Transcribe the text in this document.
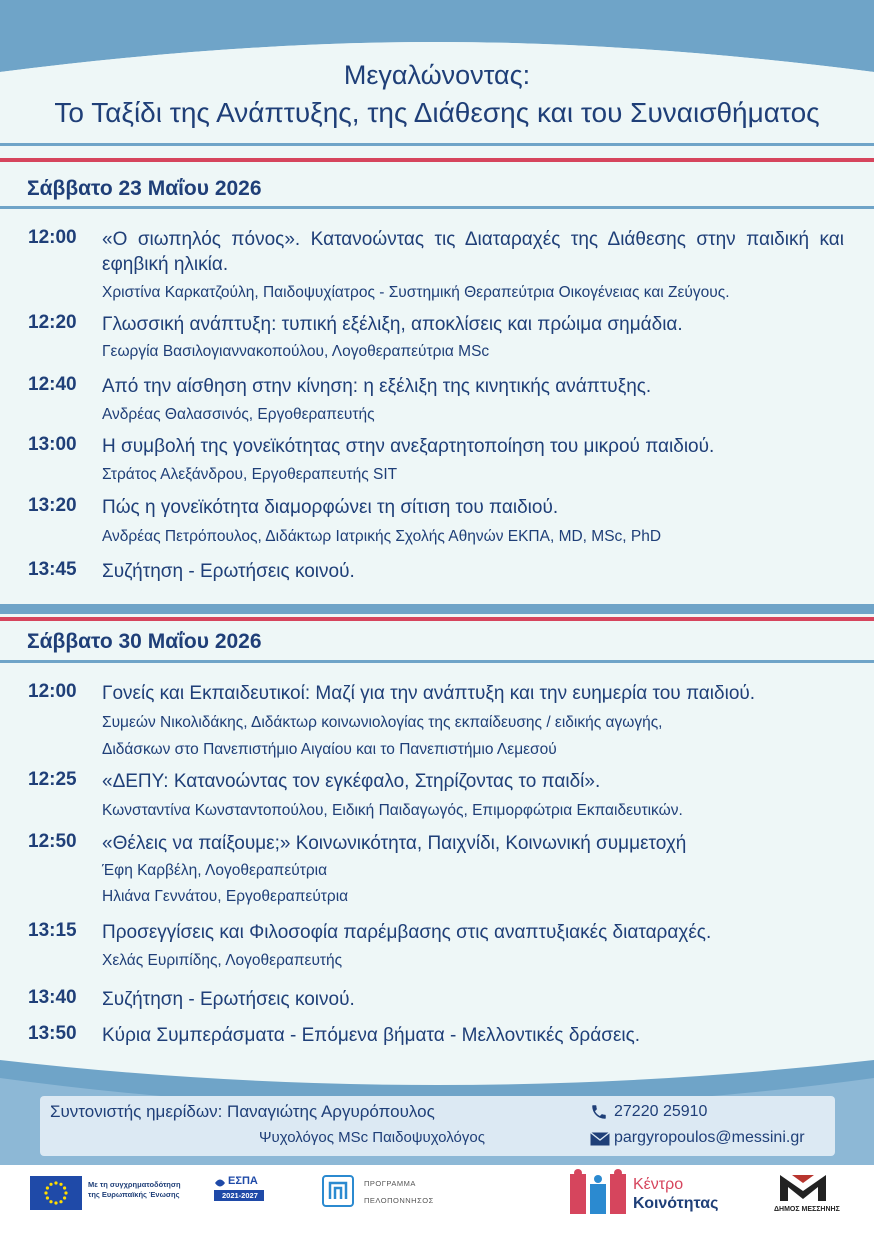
Μεγαλώνοντας:
Το Ταξίδι της Ανάπτυξης, της Διάθεσης και του Συναισθήματος
Σάββατο 23 Μαΐου 2026
12:00 «Ο σιωπηλός πόνος». Κατανοώντας τις Διαταραχές της Διάθεσης στην παιδική και εφηβική ηλικία.
Χριστίνα Καρκατζούλη, Παιδοψυχίατρος - Συστημική Θεραπεύτρια Οικογένειας και Ζεύγους.
12:20 Γλωσσική ανάπτυξη: τυπική εξέλιξη, αποκλίσεις και πρώιμα σημάδια.
Γεωργία Βασιλογιαννακοπούλου, Λογοθεραπεύτρια MSc
12:40 Από την αίσθηση στην κίνηση: η εξέλιξη της κινητικής ανάπτυξης.
Ανδρέας Θαλασσινός, Εργοθεραπευτής
13:00 Η συμβολή της γονεϊκότητας στην ανεξαρτητοποίηση του μικρού παιδιού.
Στράτος Αλεξάνδρου, Εργοθεραπευτής SIT
13:20 Πώς η γονεϊκότητα διαμορφώνει τη σίτιση του παιδιού.
Ανδρέας Πετρόπουλος, Διδάκτωρ Ιατρικής Σχολής Αθηνών ΕΚΠΑ, MD, MSc, PhD
13:45 Συζήτηση - Ερωτήσεις κοινού.
Σάββατο 30 Μαΐου 2026
12:00 Γονείς και Εκπαιδευτικοί: Μαζί για την ανάπτυξη και την ευημερία του παιδιού.
Συμεών Νικολιδάκης, Διδάκτωρ κοινωνιολογίας της εκπαίδευσης / ειδικής αγωγής,
Διδάσκων στο Πανεπιστήμιο Αιγαίου και το Πανεπιστήμιο Λεμεσού
12:25 «ΔΕΠΥ: Κατανοώντας τον εγκέφαλο, Στηρίζοντας το παιδί».
Κωνσταντίνα Κωνσταντοπούλου, Ειδική Παιδαγωγός, Επιμορφώτρια Εκπαιδευτικών.
12:50 «Θέλεις να παίξουμε;» Κοινωνικότητα, Παιχνίδι, Κοινωνική συμμετοχή
Έφη Καρβέλη, Λογοθεραπεύτρια
Ηλιάνα Γεννάτου, Εργοθεραπεύτρια
13:15 Προσεγγίσεις και Φιλοσοφία παρέμβασης στις αναπτυξιακές διαταραχές.
Χελάς Ευριπίδης, Λογοθεραπευτής
13:40 Συζήτηση - Ερωτήσεις κοινού.
13:50 Κύρια Συμπεράσματα - Επόμενα βήματα - Μελλοντικές δράσεις.
Συντονιστής ημερίδων: Παναγιώτης Αργυρόπουλος
Ψυχολόγος MSc Παιδοψυχολόγος
27220 25910
pargyropoulos@messini.gr
Με τη συγχρηματοδότηση
της Ευρωπαϊκής Ένωσης
ΕΣΠΑ
2021-2027
ΠΡΟΓΡΑΜΜΑ
ΠΕΛΟΠΟΝΝΗΣΟΣ
Κέντρο
Κοινότητας	ΔΗΜΟΣ ΜΕΣΣΗΝΗΣ
